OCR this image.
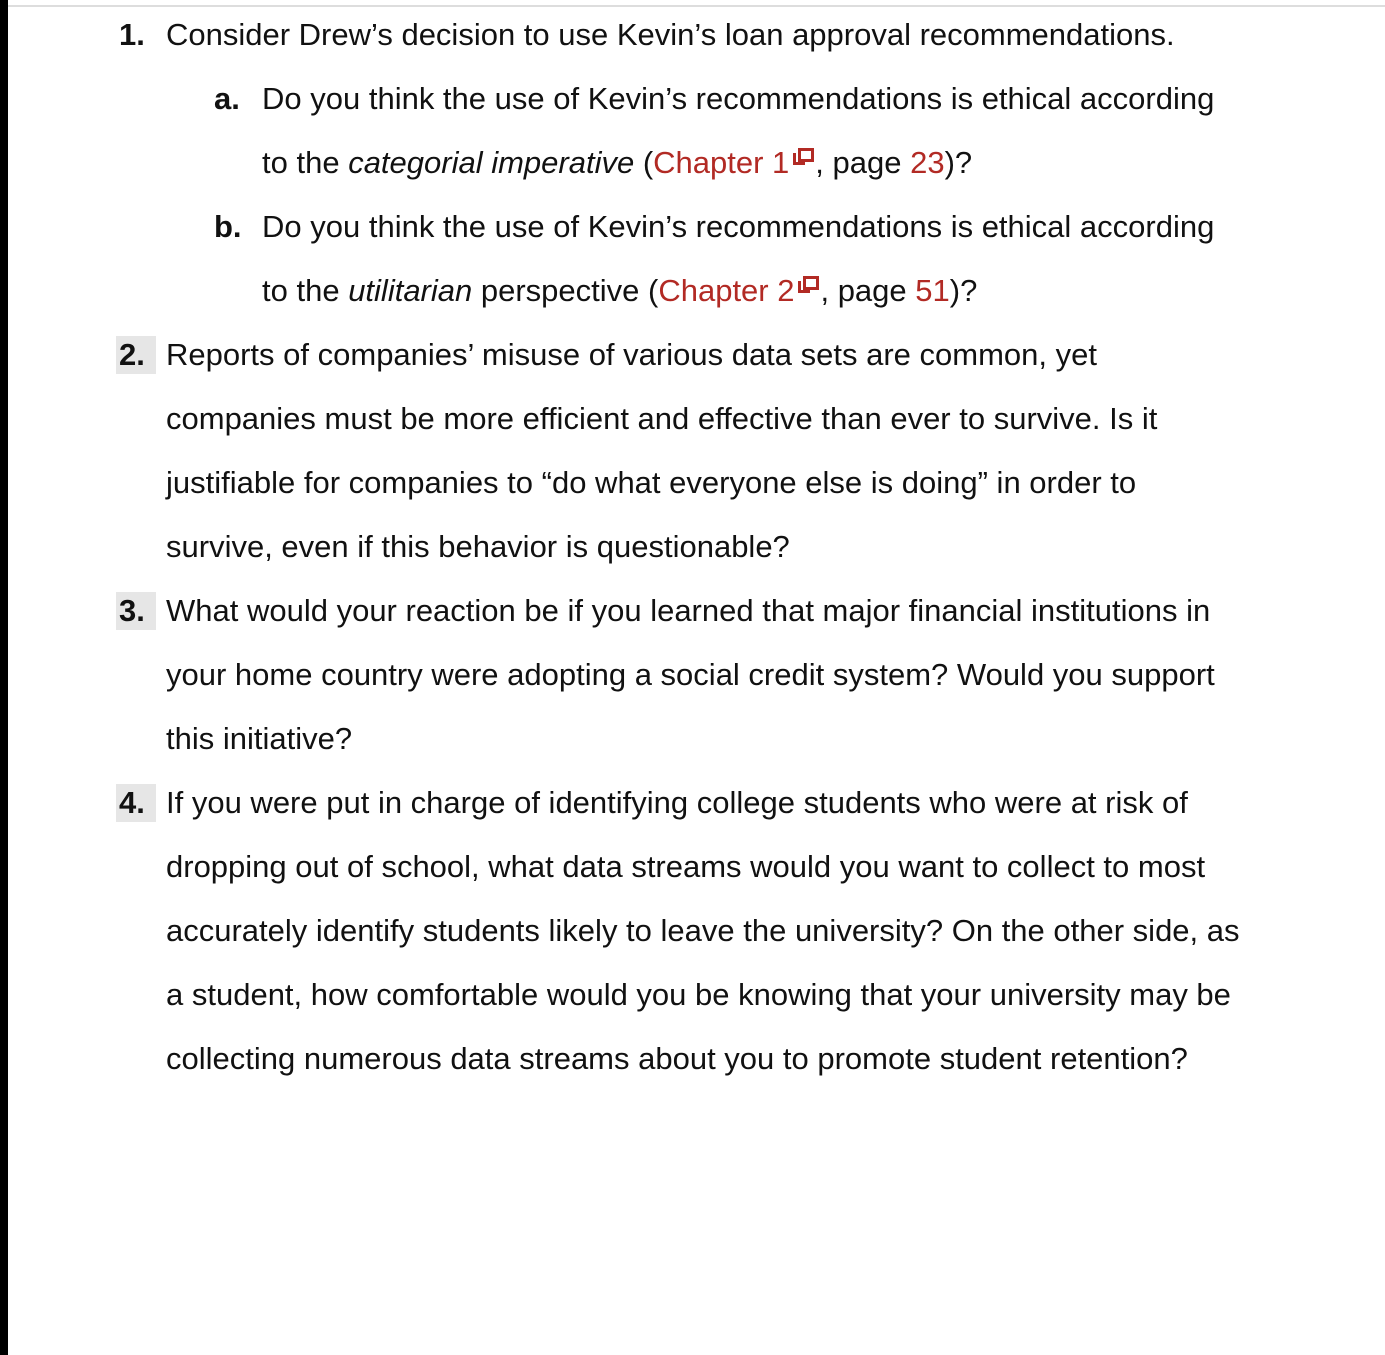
1. Consider Drew’s decision to use Kevin’s loan approval recommendations.
a. Do you think the use of Kevin’s recommendations is ethical according to the categorial imperative (Chapter 1 , page 23)?
b. Do you think the use of Kevin’s recommendations is ethical according to the utilitarian perspective (Chapter 2 , page 51)?
2. Reports of companies’ misuse of various data sets are common, yet companies must be more efficient and effective than ever to survive. Is it justifiable for companies to “do what everyone else is doing” in order to survive, even if this behavior is questionable?
3. What would your reaction be if you learned that major financial institutions in your home country were adopting a social credit system? Would you support this initiative?
4. If you were put in charge of identifying college students who were at risk of dropping out of school, what data streams would you want to collect to most accurately identify students likely to leave the university? On the other side, as a student, how comfortable would you be knowing that your university may be collecting numerous data streams about you to promote student retention?
